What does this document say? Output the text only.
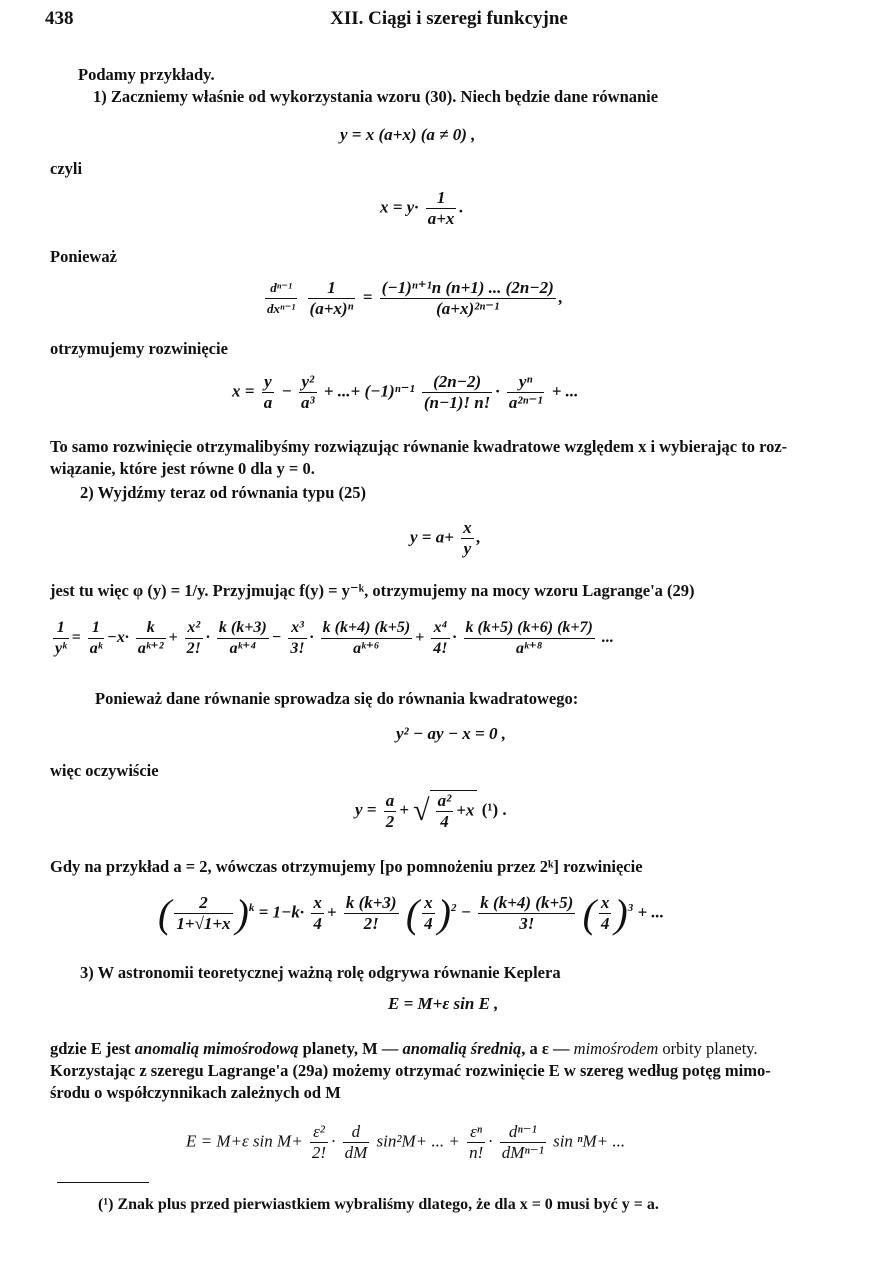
438	XII. Ciągi i szeregi funkcyjne
Podamy przykłady.
1) Zaczniemy właśnie od wykorzystania wzoru (30). Niech będzie dane równanie
y = x (a+x) (a ≠ 0) ,
czyli
$x = y\cdot \frac{1}{a+x}$ .
Ponieważ
$\frac{\text{dⁿ⁻¹}}{\text{dxⁿ⁻¹}}$
$\frac{1}{\text{(a+x)ⁿ}} = \frac{\text{(−1)ⁿ⁺¹n (n+1) ... (2n−2)}}{\text{(a+x)²ⁿ⁻¹}}$ ,
otrzymujemy rozwinięcie
$x = \frac{y}{a} - \frac{\text{y²}}{\text{a³}}$ + ...+ $(-1)^{n-1} \frac{(2n-2)}{(n-1)! n!} \cdot \frac{\text{yⁿ}}{\text{a²ⁿ⁻¹}}$ + ...
To samo rozwinięcie otrzymalibyśmy rozwiązując równanie kwadratowe względem x i wybierając to roz-
wiązanie, które jest równe 0 dla y = 0.
2) Wyjdźmy teraz od równania typu (25)
$y = a+ \frac{x}{y}$ ,
jest tu więc φ (y) = 1/y. Przyjmując f(y) = y⁻ᵏ, otrzymujemy na mocy wzoru Lagrange'a (29)
$\frac{1}{\text{yᵏ}} = \frac{1}{\text{aᵏ}} -x\cdot \frac{k}{\text{aᵏ⁺²}} + \frac{\text{x²}}{2!} \cdot \frac{k (k+3)}{\text{aᵏ⁺⁴}} - \frac{\text{x³}}{3!} \cdot \frac{k (k+4) (k+5)}{\text{aᵏ⁺⁶}} + \frac{\text{x⁴}}{4!} \cdot \frac{k (k+5) (k+6) (k+7)}{\text{aᵏ⁺⁸}}$ ...
Ponieważ dane równanie sprowadza się do równania kwadratowego:
y² − ay − x = 0 ,
więc oczywiście
$y = \frac{a}{2}$ + √ $\frac{\text{a²}}{4} +x$ (¹) .
Gdy na przykład a = 2, wówczas otrzymujemy [po pomnożeniu przez 2ᵏ] rozwinięcie
( $\frac{2}{1+√1+x} )^k = 1-k\cdot \frac{x}{4} + \frac{k (k+3)}{2!}$ ( $\frac{x}{4} )^2 - \frac{k (k+4) (k+5)}{3!}$ ( $\frac{x}{4} )^3$ + ...
3) W astronomii teoretycznej ważną rolę odgrywa równanie Keplera
E = M+ε sin E ,
gdzie E jest anomalią mimośrodową planety, M — anomalią średnią, a ε — mimośrodem orbity planety.
Korzystając z szeregu Lagrange'a (29a) możemy otrzymać rozwinięcie E w szereg według potęg mimo-
środu o współczynnikach zależnych od M
E = M+ε $\sin M+ \frac{\text{ε²}}{2!} \cdot \frac{d}{dM} \sin^2M+$ ... + $\frac{\text{εⁿ}}{n!} \cdot \frac{\text{dⁿ⁻¹}}{\text{dMⁿ⁻¹}}$ sin ⁿM+ ...
(¹) Znak plus przed pierwiastkiem wybraliśmy dlatego, że dla x = 0 musi być y = a.
